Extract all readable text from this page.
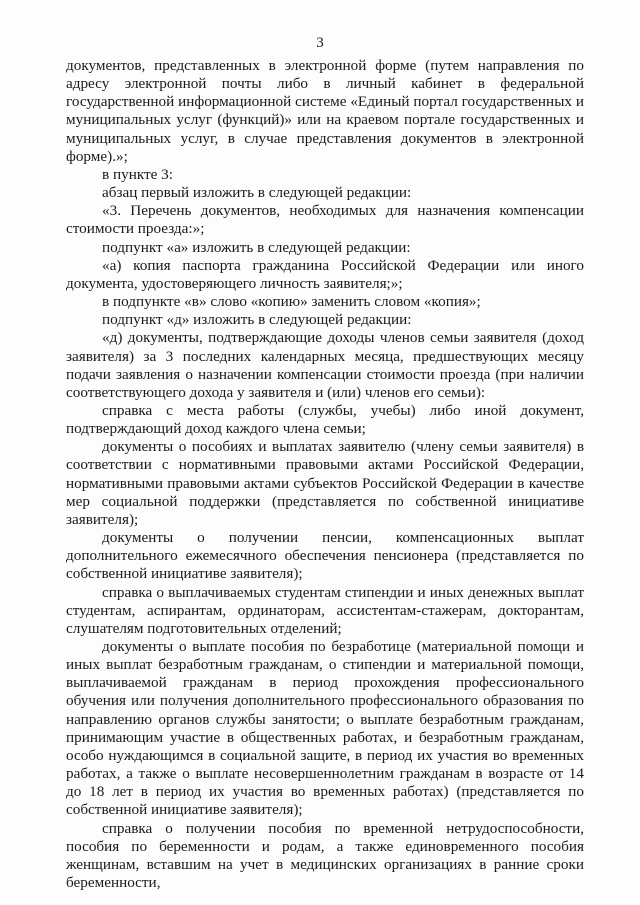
3

документов, представленных в электронной форме (путем направления по адресу электронной почты либо в личный кабинет в федеральной государственной информационной системе «Единый портал государственных и муниципальных услуг (функций)» или на краевом портале государственных и муниципальных услуг, в случае представления документов в электронной форме).»;

в пункте 3:

абзац первый изложить в следующей редакции:

«3. Перечень документов, необходимых для назначения компенсации стоимости проезда:»;

подпункт «а» изложить в следующей редакции:

«а) копия паспорта гражданина Российской Федерации или иного документа, удостоверяющего личность заявителя;»;

в подпункте «в» слово «копию» заменить словом «копия»;

подпункт «д» изложить в следующей редакции:

«д) документы, подтверждающие доходы членов семьи заявителя (доход заявителя) за 3 последних календарных месяца, предшествующих месяцу подачи заявления о назначении компенсации стоимости проезда (при наличии соответствующего дохода у заявителя и (или) членов его семьи):

справка с места работы (службы, учебы) либо иной документ, подтверждающий доход каждого члена семьи;

документы о пособиях и выплатах заявителю (члену семьи заявителя) в соответствии с нормативными правовыми актами Российской Федерации, нормативными правовыми актами субъектов Российской Федерации в качестве мер социальной поддержки (представляется по собственной инициативе заявителя);

документы о получении пенсии, компенсационных выплат дополнительного ежемесячного обеспечения пенсионера (представляется по собственной инициативе заявителя);

справка о выплачиваемых студентам стипендии и иных денежных выплат студентам, аспирантам, ординаторам, ассистентам-стажерам, докторантам, слушателям подготовительных отделений;

документы о выплате пособия по безработице (материальной помощи и иных выплат безработным гражданам, о стипендии и материальной помощи, выплачиваемой гражданам в период прохождения профессионального обучения или получения дополнительного профессионального образования по направлению органов службы занятости; о выплате безработным гражданам, принимающим участие в общественных работах, и безработным гражданам, особо нуждающимся в социальной защите, в период их участия во временных работах, а также о выплате несовершеннолетним гражданам в возрасте от 14 до 18 лет в период их участия во временных работах) (представляется по собственной инициативе заявителя);

справка о получении пособия по временной нетрудоспособности, пособия по беременности и родам, а также единовременного пособия женщинам, вставшим на учет в медицинских организациях в ранние сроки беременности,
